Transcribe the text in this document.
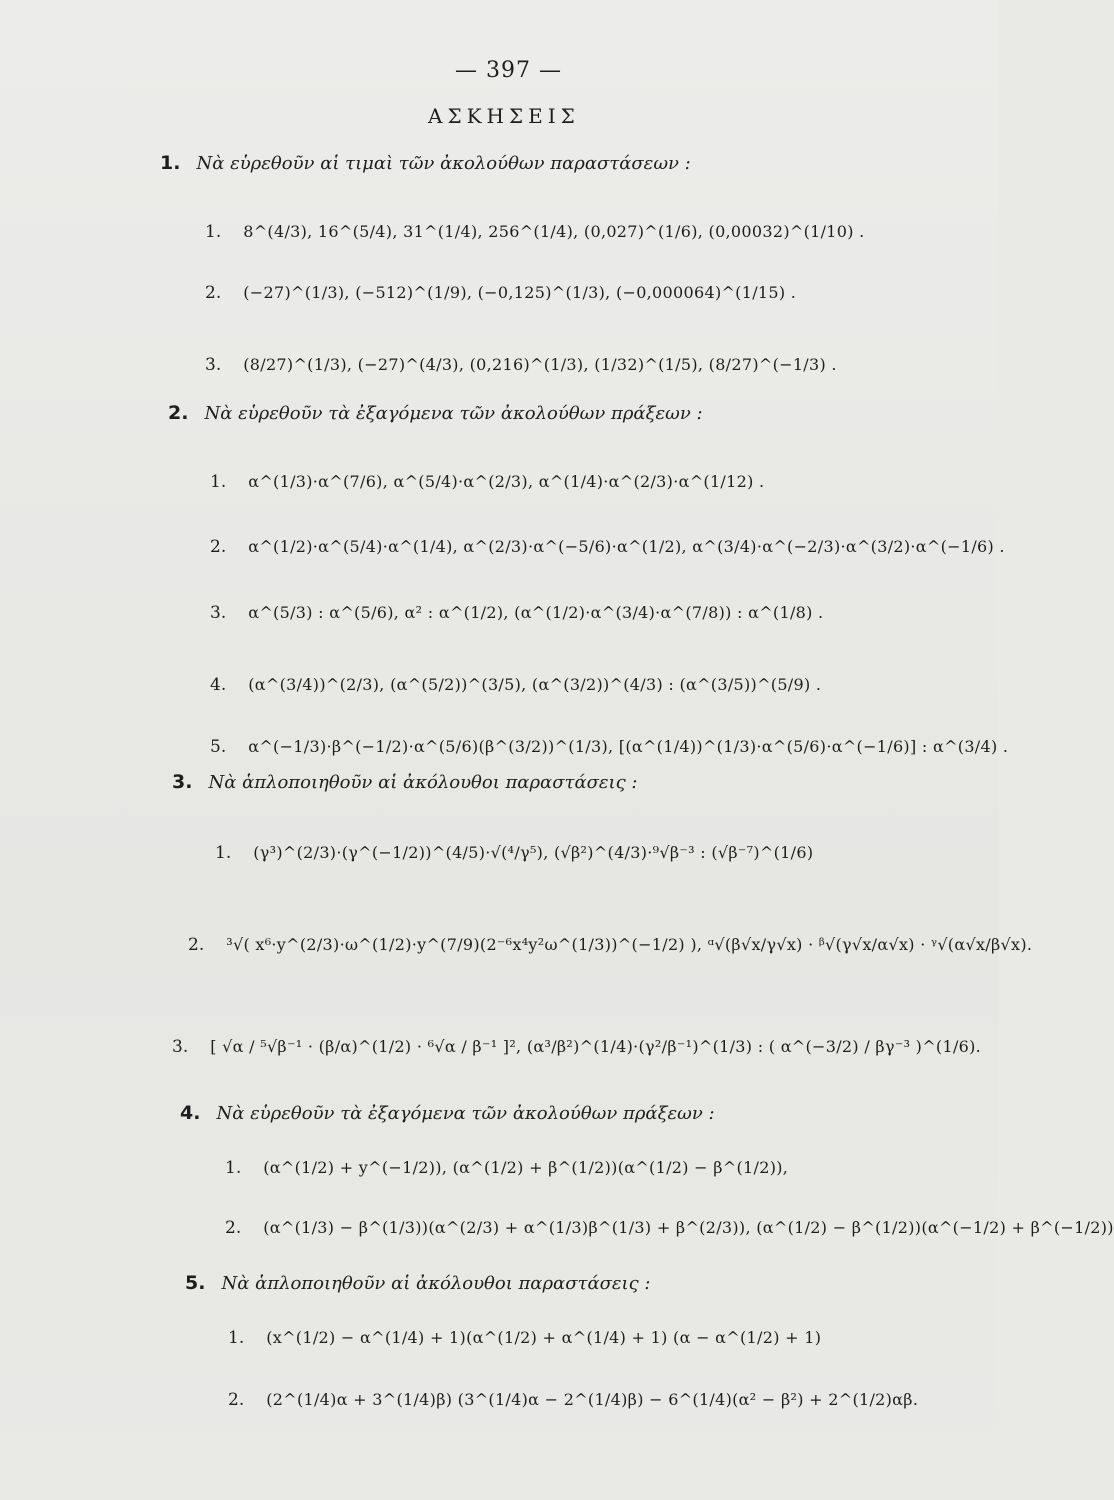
— 397 —
ΑΣΚΗΣΕΙΣ
1. Νὰ εὑρεθοῦν αἱ τιμαὶ τῶν ἀκολούθων παραστάσεων :
1. 8^(4/3), 16^(5/4), 31^(1/4), 256^(1/4), (0,027)^(1/6), (0,00032)^(1/10) .
2. (−27)^(1/3), (−512)^(1/9), (−0,125)^(1/3), (−0,000064)^(1/15) .
3. (8/27)^(1/3), (−27)^(4/3), (0,216)^(1/3), (1/32)^(1/5), (8/27)^(−1/3) .
2. Νὰ εὑρεθοῦν τὰ ἐξαγόμενα τῶν ἀκολούθων πράξεων :
1. α^(1/3)·α^(7/6), α^(5/4)·α^(2/3), α^(1/4)·α^(2/3)·α^(1/12) .
2. α^(1/2)·α^(5/4)·α^(1/4), α^(2/3)·α^(−5/6)·α^(1/2), α^(3/4)·α^(−2/3)·α^(3/2)·α^(−1/6) .
3. α^(5/3) : α^(5/6), α² : α^(1/2), (α^(1/2)·α^(3/4)·α^(7/8)) : α^(1/8) .
4. (α^(3/4))^(2/3), (α^(5/2))^(3/5), (α^(3/2))^(4/3) : (α^(3/5))^(5/9) .
5. α^(−1/3)·β^(−1/2)·α^(5/6)(β^(3/2))^(1/3), [(α^(1/4))^(1/3)·α^(5/6)·α^(−1/6)] : α^(3/4) .
3. Νὰ ἁπλοποιηθοῦν αἱ ἀκόλουθοι παραστάσεις :
1. (γ³)^(2/3)·(γ^(−1/2))^(4/5)·√(⁴/γ⁵), (√β²)^(4/3)·⁹√β⁻³ : (√β⁻⁷)^(1/6)
2. ³√( x⁶·y^(2/3)·ω^(1/2)·y^(7/9)(2⁻⁶x⁴y²ω^(1/3))^(−1/2) ), ᵅ√(β√x/γ√x) · ᵝ√(γ√x/α√x) · ᵞ√(α√x/β√x).
3. [ √α / ⁵√β⁻¹ · (β/α)^(1/2) · ⁶√α / β⁻¹ ]², (α³/β²)^(1/4)·(γ²/β⁻¹)^(1/3) : ( α^(−3/2) / βγ⁻³ )^(1/6).
4. Νὰ εὑρεθοῦν τὰ ἐξαγόμενα τῶν ἀκολούθων πράξεων :
1. (α^(1/2) + y^(−1/2)), (α^(1/2) + β^(1/2))(α^(1/2) − β^(1/2)),
2. (α^(1/3) − β^(1/3))(α^(2/3) + α^(1/3)β^(1/3) + β^(2/3)), (α^(1/2) − β^(1/2))(α^(−1/2) + β^(−1/2))
5. Νὰ ἁπλοποιηθοῦν αἱ ἀκόλουθοι παραστάσεις :
1. (x^(1/2) − α^(1/4) + 1)(α^(1/2) + α^(1/4) + 1) (α − α^(1/2) + 1)
2. (2^(1/4)α + 3^(1/4)β) (3^(1/4)α − 2^(1/4)β) − 6^(1/4)(α² − β²) + 2^(1/2)αβ.
